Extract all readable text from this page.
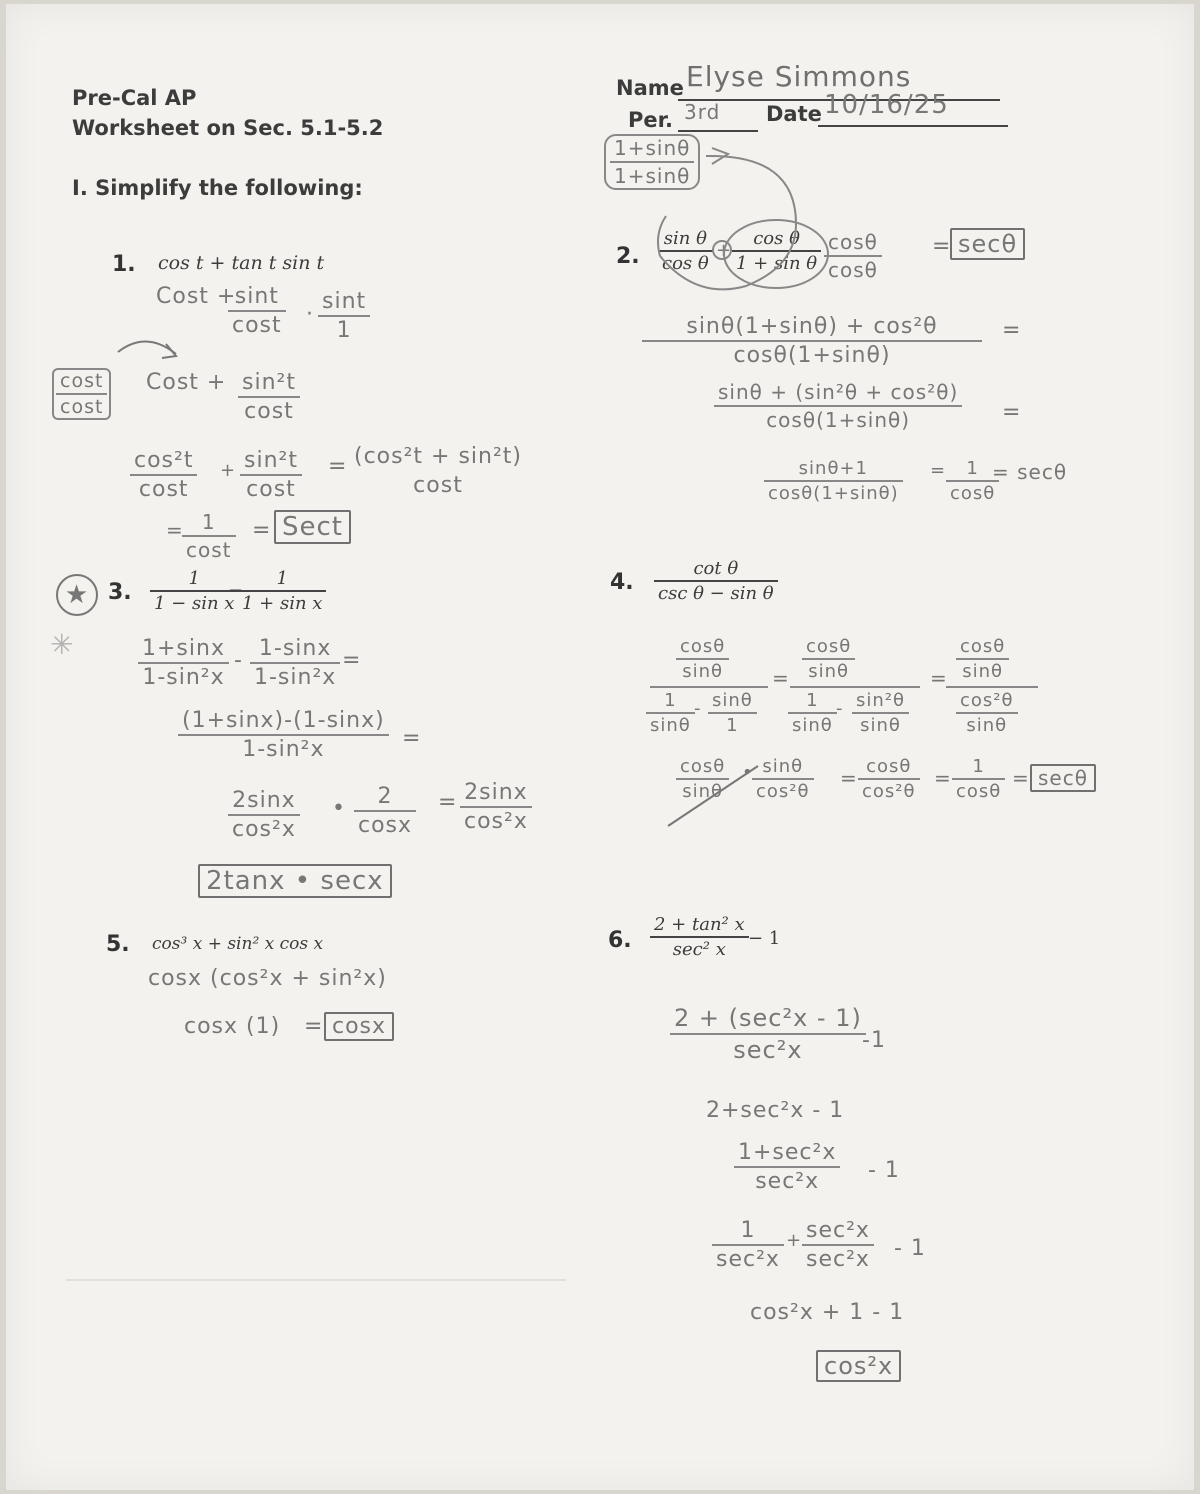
Pre-Cal AP
Worksheet on Sec. 5.1-5.2
I. Simplify the following:
Name Elyse Simmons
Per. 3rd Date 10/16/25
1. cos t + tan t sin t
Cost +
sint
cost ·
sint
1
cost
cost
Cost + sin²t
cost
cos²t
cost
+ sin²t
cost
= (cos²t + sin²t)
cost
= 1
cost
= Sect
2.
sin θ
cos θ
+
cos θ
1 + sin θ
cosθ
cosθ
= secθ
1+sinθ
1+sinθ
sinθ(1+sinθ) + cos²θ
cosθ(1+sinθ)
=
sinθ + (sin²θ + cos²θ)
cosθ(1+sinθ)	=
sinθ+1
cosθ(1+sinθ)
= 1
cosθ
= secθ
★
✳
3.
1
1 − sin x
−
1
1 + sin x
1+sinx
1-sin²x
- 1-sinx
1-sin²x
=
(1+sinx)-(1-sinx)
1-sin²x	=
2sinx
cos²x
• 2
cosx
= 2sinx
cos²x
2tanx • secx
4.
cot θ
csc θ − sin θ
cosθ
sinθ
1
sinθ
- sinθ
1
=
cosθ
sinθ
1
sinθ
- sin²θ
sinθ
=
cosθ
sinθ
cos²θ
sinθ
cosθ
sinθ
• sinθ
cos²θ
= cosθ
cos²θ
= 1
cosθ
= secθ
5. cos³ x + sin² x cos x
cosx (cos²x + sin²x)
cosx (1) = cosx
6.
2 + tan² x
sec² x
− 1
2 + (sec²x - 1)
sec²x	-1
2+sec²x - 1
1+sec²x
sec²x - 1
1
sec²x
+ sec²x
sec²x - 1
cos²x + 1 - 1
cos²x
